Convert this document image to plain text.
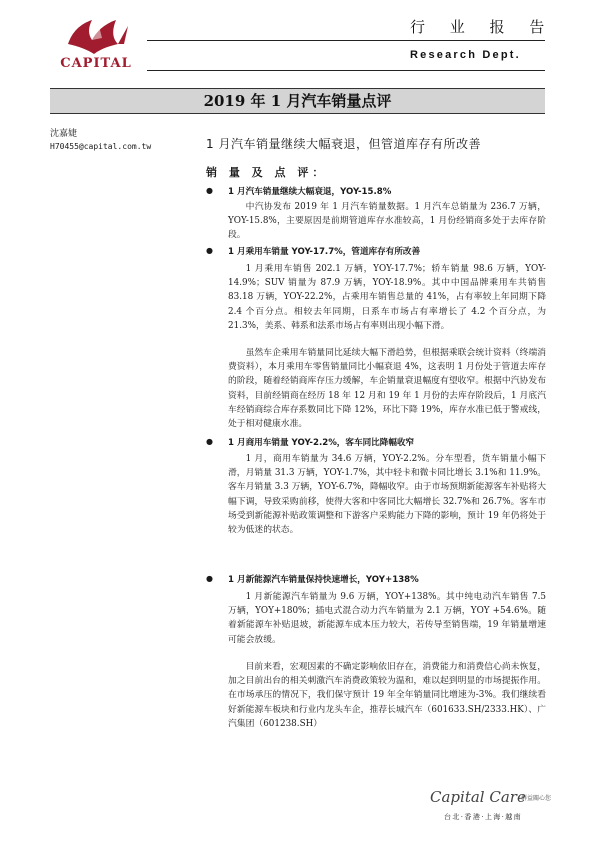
CAPITAL
行 业 报 告
Research Dept.
2019 年 1 月汽车销量点评
沈嘉婕
H70455@capital.com.tw	1 月汽车销量继续大幅衰退，但管道库存有所改善
销 量 及 点 评：
● 1 月汽车销量继续大幅衰退，YOY-15.8%

中汽协发布 2019 年 1 月汽车销量数据。1 月汽车总销量为 236.7 万辆，YOY-15.8%，主要原因是前期管道库存水准较高，1 月份经销商多处于去库存阶段。

● 1 月乘用车销量 YOY-17.7%，管道库存有所改善

1 月乘用车销售 202.1 万辆，YOY-17.7%；轿车销量 98.6 万辆，YOY-14.9%；SUV 销量为 87.9 万辆，YOY-18.9%。其中中国品牌乘用车共销售 83.18 万辆，YOY-22.2%，占乘用车销售总量的 41%，占有率较上年同期下降 2.4 个百分点。相较去年同期，日系车市场占有率增长了 4.2 个百分点，为 21.3%，美系、韩系和法系市场占有率则出现小幅下滑。

虽然车企乘用车销量同比延续大幅下滑趋势，但根据乘联会统计资料（终端消费资料），本月乘用车零售销量同比小幅衰退 4%，这表明 1 月份处于管道去库存的阶段，随着经销商库存压力缓解，车企销量衰退幅度有望收窄。根据中汽协发布资料，目前经销商在经历 18 年 12 月和 19 年 1 月份的去库存阶段后，1 月底汽车经销商综合库存系数同比下降 12%，环比下降 19%，库存水准已低于警戒线，处于相对健康水准。

● 1 月商用车销量 YOY-2.2%，客车同比降幅收窄

1 月，商用车销量为 34.6 万辆，YOY-2.2%。分车型看，货车销量小幅下滑，月销量 31.3 万辆，YOY-1.7%，其中轻卡和微卡同比增长 3.1%和 11.9%。客车月销量 3.3 万辆，YOY-6.7%，降幅收窄。由于市场预期新能源客车补贴将大幅下调，导致采购前移，使得大客和中客同比大幅增长 32.7%和 26.7%。客车市场受到新能源补贴政策调整和下游客户采购能力下降的影响，预计 19 年仍将处于较为低迷的状态。

● 1 月新能源汽车销量保持快速增长，YOY+138%

1 月新能源汽车销量为 9.6 万辆，YOY+138%。其中纯电动汽车销售 7.5 万辆，YOY+180%；插电式混合动力汽车销量为 2.1 万辆，YOY +54.6%。随着新能源车补贴退坡，新能源车成本压力较大，若传导至销售端，19 年销量增速可能会放缓。

目前来看，宏观因素的不确定影响依旧存在，消费能力和消费信心尚未恢复，加之目前出台的相关刺激汽车消费政策较为温和，难以起到明显的市场提振作用。在市场承压的情况下，我们保守预计 19 年全年销量同比增速为-3%。我们继续看好新能源车板块和行业内龙头车企，推荐长城汽车（601633.SH/2333.HK）、广汽集团（601238.SH）

Capital Care
群益關心您
台北·香港·上海·越南
